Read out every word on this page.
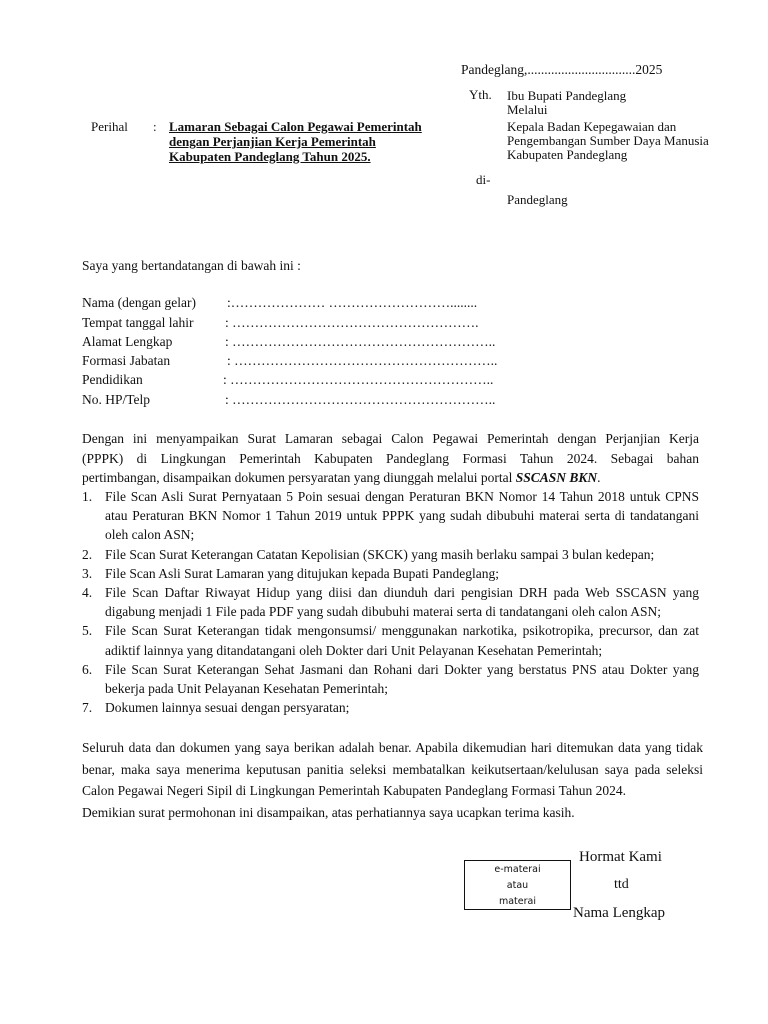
Pandeglang,................................2025
Yth. Ibu Bupati Pandeglang
Melalui
Kepala Badan Kepegawaian dan
Pengembangan Sumber Daya Manusia
Kabupaten Pandeglang
di-
Pandeglang
Perihal : Lamaran Sebagai Calon Pegawai Pemerintah
dengan Perjanjian Kerja Pemerintah
Kabupaten Pandeglang Tahun 2025.
Saya yang bertandatangan di bawah ini :
Nama (dengan gelar) :………………… ………………………........
Tempat tanggal lahir : ……………………………………………….
Alamat Lengkap	: …………………………………………………..
Formasi Jabatan	: …………………………………………………..
Pendidikan	: …………………………………………………..
No. HP/Telp	: …………………………………………………..
Dengan ini menyampaikan Surat Lamaran sebagai Calon Pegawai Pemerintah dengan Perjanjian Kerja
(PPPK) di Lingkungan Pemerintah Kabupaten Pandeglang Formasi Tahun 2024. Sebagai bahan
pertimbangan, disampaikan dokumen persyaratan yang diunggah melalui portal SSCASN BKN.
1. File Scan Asli Surat Pernyataan 5 Poin sesuai dengan Peraturan BKN Nomor 14 Tahun 2018 untuk CPNS
atau Peraturan BKN Nomor 1 Tahun 2019 untuk PPPK yang sudah dibubuhi materai serta di tandatangani
oleh calon ASN;
2. File Scan Surat Keterangan Catatan Kepolisian (SKCK) yang masih berlaku sampai 3 bulan kedepan;
3. File Scan Asli Surat Lamaran yang ditujukan kepada Bupati Pandeglang;
4. File Scan Daftar Riwayat Hidup yang diisi dan diunduh dari pengisian DRH pada Web SSCASN yang
digabung menjadi 1 File pada PDF yang sudah dibubuhi materai serta di tandatangani oleh calon ASN;
5. File Scan Surat Keterangan tidak mengonsumsi/ menggunakan narkotika, psikotropika, precursor, dan zat
adiktif lainnya yang ditandatangani oleh Dokter dari Unit Pelayanan Kesehatan Pemerintah;
6. File Scan Surat Keterangan Sehat Jasmani dan Rohani dari Dokter yang berstatus PNS atau Dokter yang
bekerja pada Unit Pelayanan Kesehatan Pemerintah;
7. Dokumen lainnya sesuai dengan persyaratan;
Seluruh data dan dokumen yang saya berikan adalah benar. Apabila dikemudian hari ditemukan data yang tidak
benar, maka saya menerima keputusan panitia seleksi membatalkan keikutsertaan/kelulusan saya pada seleksi
Calon Pegawai Negeri Sipil di Lingkungan Pemerintah Kabupaten Pandeglang Formasi Tahun 2024.
Demikian surat permohonan ini disampaikan, atas perhatiannya saya ucapkan terima kasih.
e-materai
atau
materai
Hormat Kami
ttd
Nama Lengkap
